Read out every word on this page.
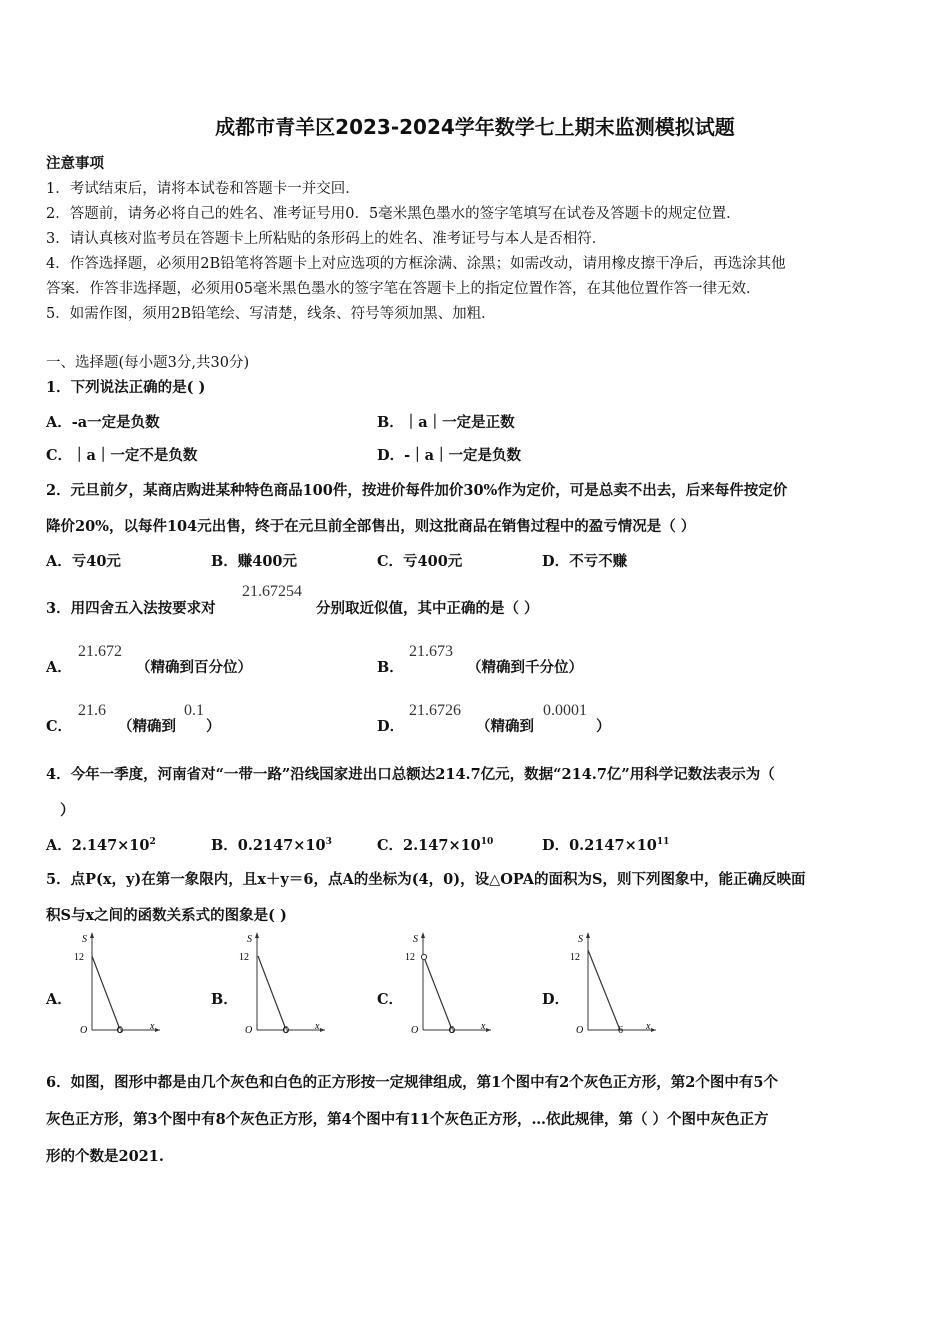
成都市青羊区2023-2024学年数学七上期末监测模拟试题
注意事项
1．考试结束后，请将本试卷和答题卡一并交回．
2．答题前，请务必将自己的姓名、准考证号用0．5毫米黑色墨水的签字笔填写在试卷及答题卡的规定位置．
3．请认真核对监考员在答题卡上所粘贴的条形码上的姓名、准考证号与本人是否相符．
4．作答选择题，必须用2B铅笔将答题卡上对应选项的方框涂满、涂黑；如需改动，请用橡皮擦干净后，再选涂其他
答案．作答非选择题，必须用05毫米黑色墨水的签字笔在答题卡上的指定位置作答，在其他位置作答一律无效．
5．如需作图，须用2B铅笔绘、写清楚，线条、符号等须加黑、加粗．
一、选择题(每小题3分,共30分)
1．下列说法正确的是( )
A．-a一定是负数	B．｜a｜一定是正数
C．｜a｜一定不是负数	D．-｜a｜一定是负数
2．元旦前夕，某商店购进某种特色商品100件，按进价每件加价30%作为定价，可是总卖不出去，后来每件按定价
降价20%，以每件104元出售，终于在元旦前全部售出，则这批商品在销售过程中的盈亏情况是（ ）
A．亏40元	B．赚400元	C．亏400元	D．不亏不赚
3．用四舍五入法按要求对
21.67254
分别取近似值，其中正确的是（ ）
A．
21.672
（精确到百分位）	B．
21.673
（精确到千分位）
C．
21.6
（精确到
0.1
）	D．
21.6726
（精确到
0.0001
）
4．今年一季度，河南省对“一带一路”沿线国家进出口总额达214.7亿元，数据“214.7亿”用科学记数法表示为（
）
A．$2.147\times 10^2$	B．$0.2147\times 10^3$	C．$2.147\times 10^{10}$	D．$0.2147\times 10^{11}$
5．点P(x，y)在第一象限内，且x＋y＝6，点A的坐标为(4，0)，设△OPA的面积为S，则下列图象中，能正确反映面
积S与x之间的函数关系式的图象是( )
A．	B．	C．	D．
S
12
O	6	x
S
12
O	6	x
S
12
O	6	x
S
12
O	6 x
6．如图，图形中都是由几个灰色和白色的正方形按一定规律组成，第1个图中有2个灰色正方形，第2个图中有5个
灰色正方形，第3个图中有8个灰色正方形，第4个图中有11个灰色正方形，…依此规律，第（ ）个图中灰色正方
形的个数是2021.
